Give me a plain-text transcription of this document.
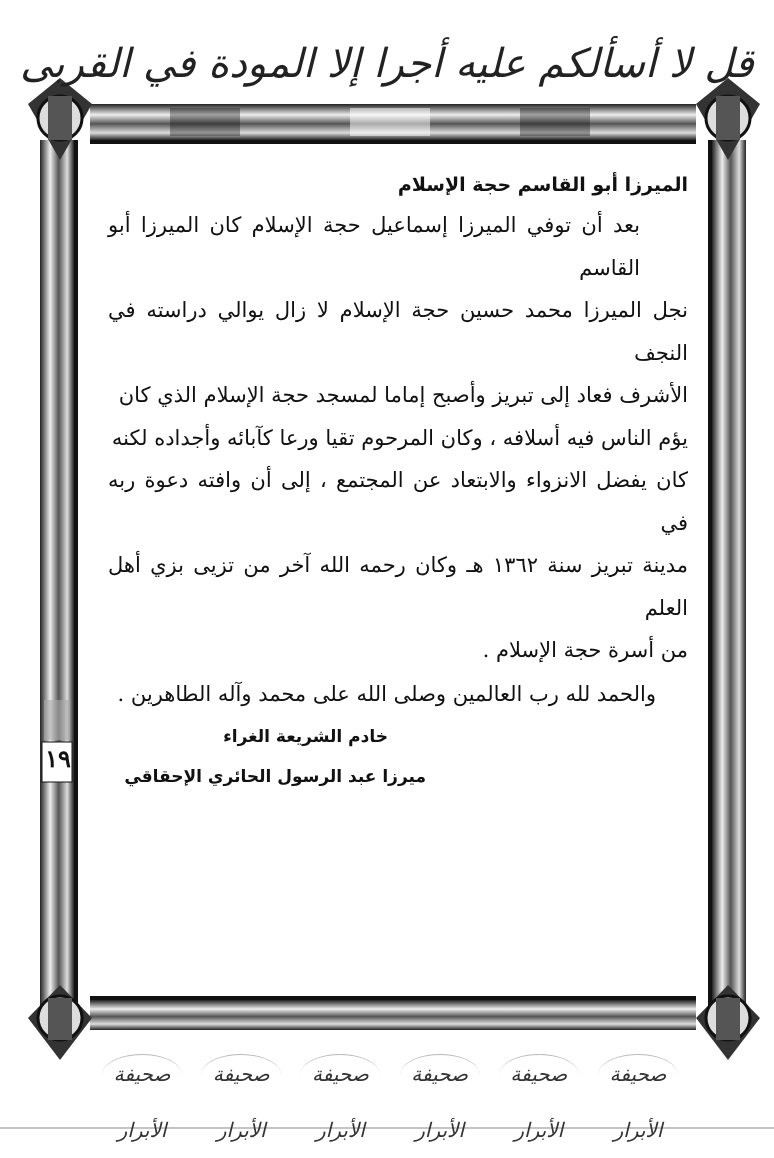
قل لا أسألكم عليه أجرا إلا المودة في القربى
الميرزا أبو القاسم حجة الإسلام
بعد أن توفي الميرزا إسماعيل حجة الإسلام كان الميرزا أبو القاسم
نجل الميرزا محمد حسين حجة الإسلام لا زال يوالي دراسته في النجف
الأشرف فعاد إلى تبريز وأصبح إماما لمسجد حجة الإسلام الذي كان
يؤم الناس فيه أسلافه ، وكان المرحوم تقيا ورعا كآبائه وأجداده لكنه
كان يفضل الانزواء والابتعاد عن المجتمع ، إلى أن وافته دعوة ربه في
مدينة تبريز سنة ١٣٦٢ هـ وكان رحمه الله آخر من تزيى بزي أهل العلم
من أسرة حجة الإسلام .
والحمد لله رب العالمين وصلى الله على محمد وآله الطاهرين .
خادم الشريعة الغراء
ميرزا عبد الرسول الحائري الإحقاقي
١٩
صحيفة الأبرار
صحيفة الأبرار
صحيفة الأبرار
صحيفة الأبرار
صحيفة الأبرار
صحيفة الأبرار
